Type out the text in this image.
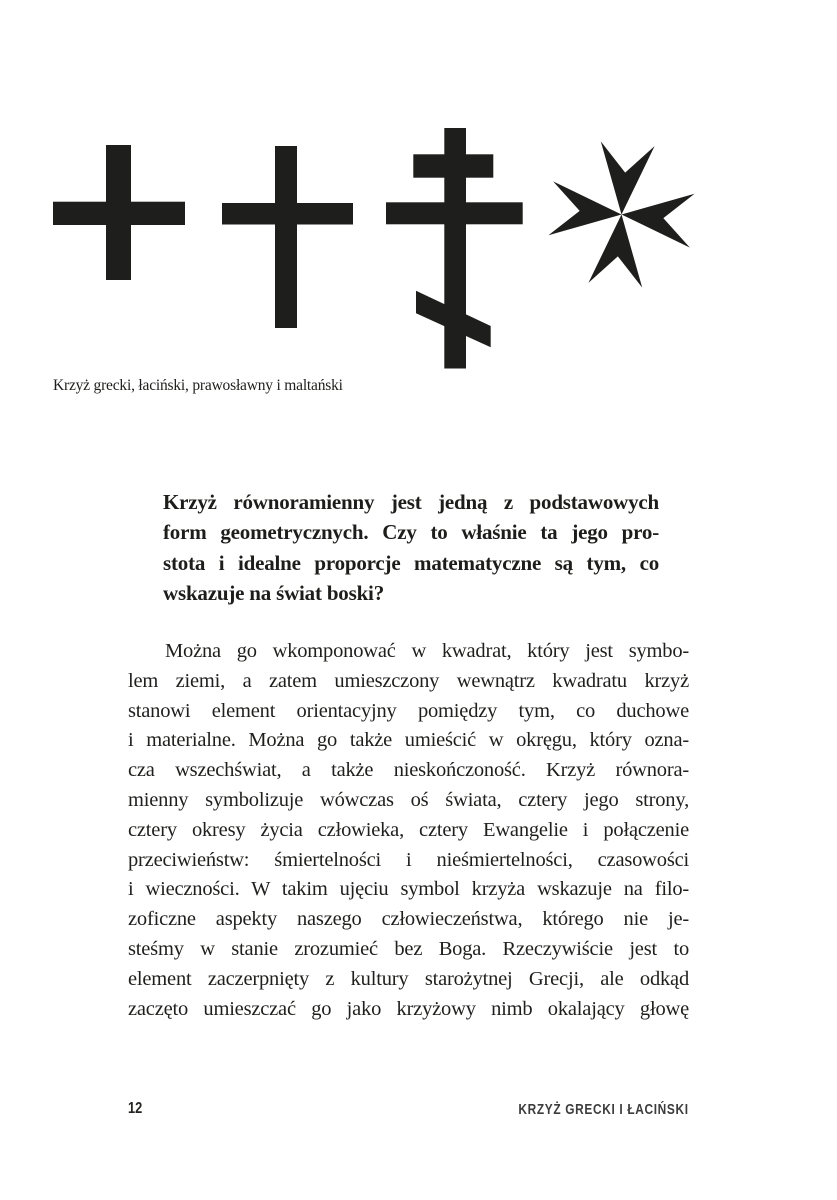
Krzyż grecki, łaciński, prawosławny i maltański
Krzyż równoramienny jest jedną z podstawowych
form geometrycznych. Czy to właśnie ta jego pro-
stota i idealne proporcje matematyczne są tym, co
wskazuje na świat boski?
Można go wkomponować w kwadrat, który jest symbo-
lem ziemi, a zatem umieszczony wewnątrz kwadratu krzyż
stanowi element orientacyjny pomiędzy tym, co duchowe
i materialne. Można go także umieścić w okręgu, który ozna-
cza wszechświat, a także nieskończoność. Krzyż równora-
mienny symbolizuje wówczas oś świata, cztery jego strony,
cztery okresy życia człowieka, cztery Ewangelie i połączenie
przeciwieństw: śmiertelności i nieśmiertelności, czasowości
i wieczności. W takim ujęciu symbol krzyża wskazuje na filo-
zoficzne aspekty naszego człowieczeństwa, którego nie je-
steśmy w stanie zrozumieć bez Boga. Rzeczywiście jest to
element zaczerpnięty z kultury starożytnej Grecji, ale odkąd
zaczęto umieszczać go jako krzyżowy nimb okalający głowę
12	KRZYŻ GRECKI I ŁACIŃSKI
